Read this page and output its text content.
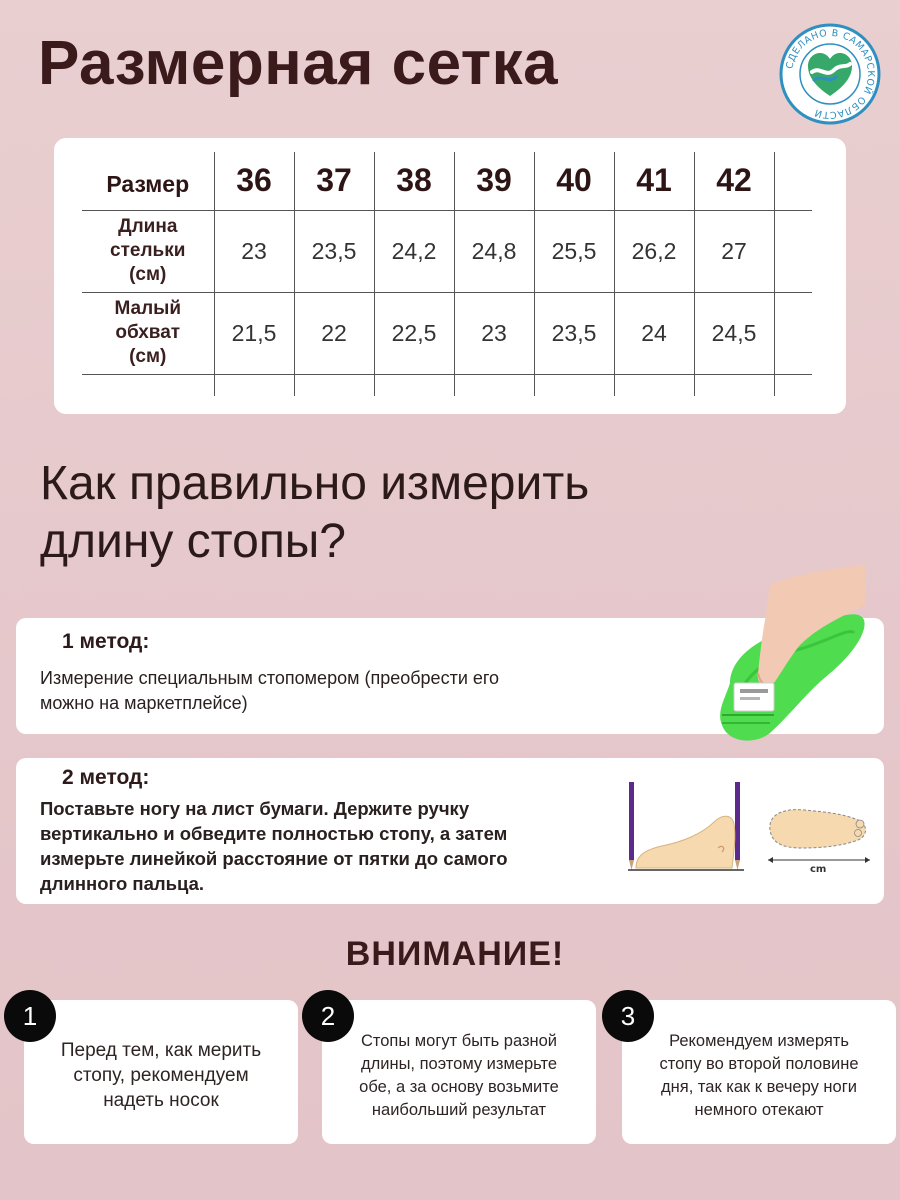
Размерная сетка	СДЕЛАНО В САМАРСКОЙ ОБЛАСТИ
Размер	36	37	38	39	40	41	42	

Длина
стельки
(см)	23	23,5	24,2	24,8	25,5	26,2	27	

Малый
обхват
(см)	21,5	22	22,5	23	23,5	24	24,5	

Как правильно измерить
длину стопы?
1 метод:
Измерение специальным стопомером (преобрести его
можно на маркетплейсе)
2 метод:
Поставьте ногу на лист бумаги. Держите ручку
вертикально и обведите полностью стопу, а затем
измерьте линейкой расстояние от пятки до самого
длинного пальца.
cm
ВНИМАНИЕ!
Перед тем, как мерить
стопу, рекомендуем
надеть носок
1
Стопы могут быть разной
длины, поэтому измерьте
обе, а за основу возьмите
наибольший результат
2
Рекомендуем измерять
стопу во второй половине
дня, так как к вечеру ноги
немного отекают
3
